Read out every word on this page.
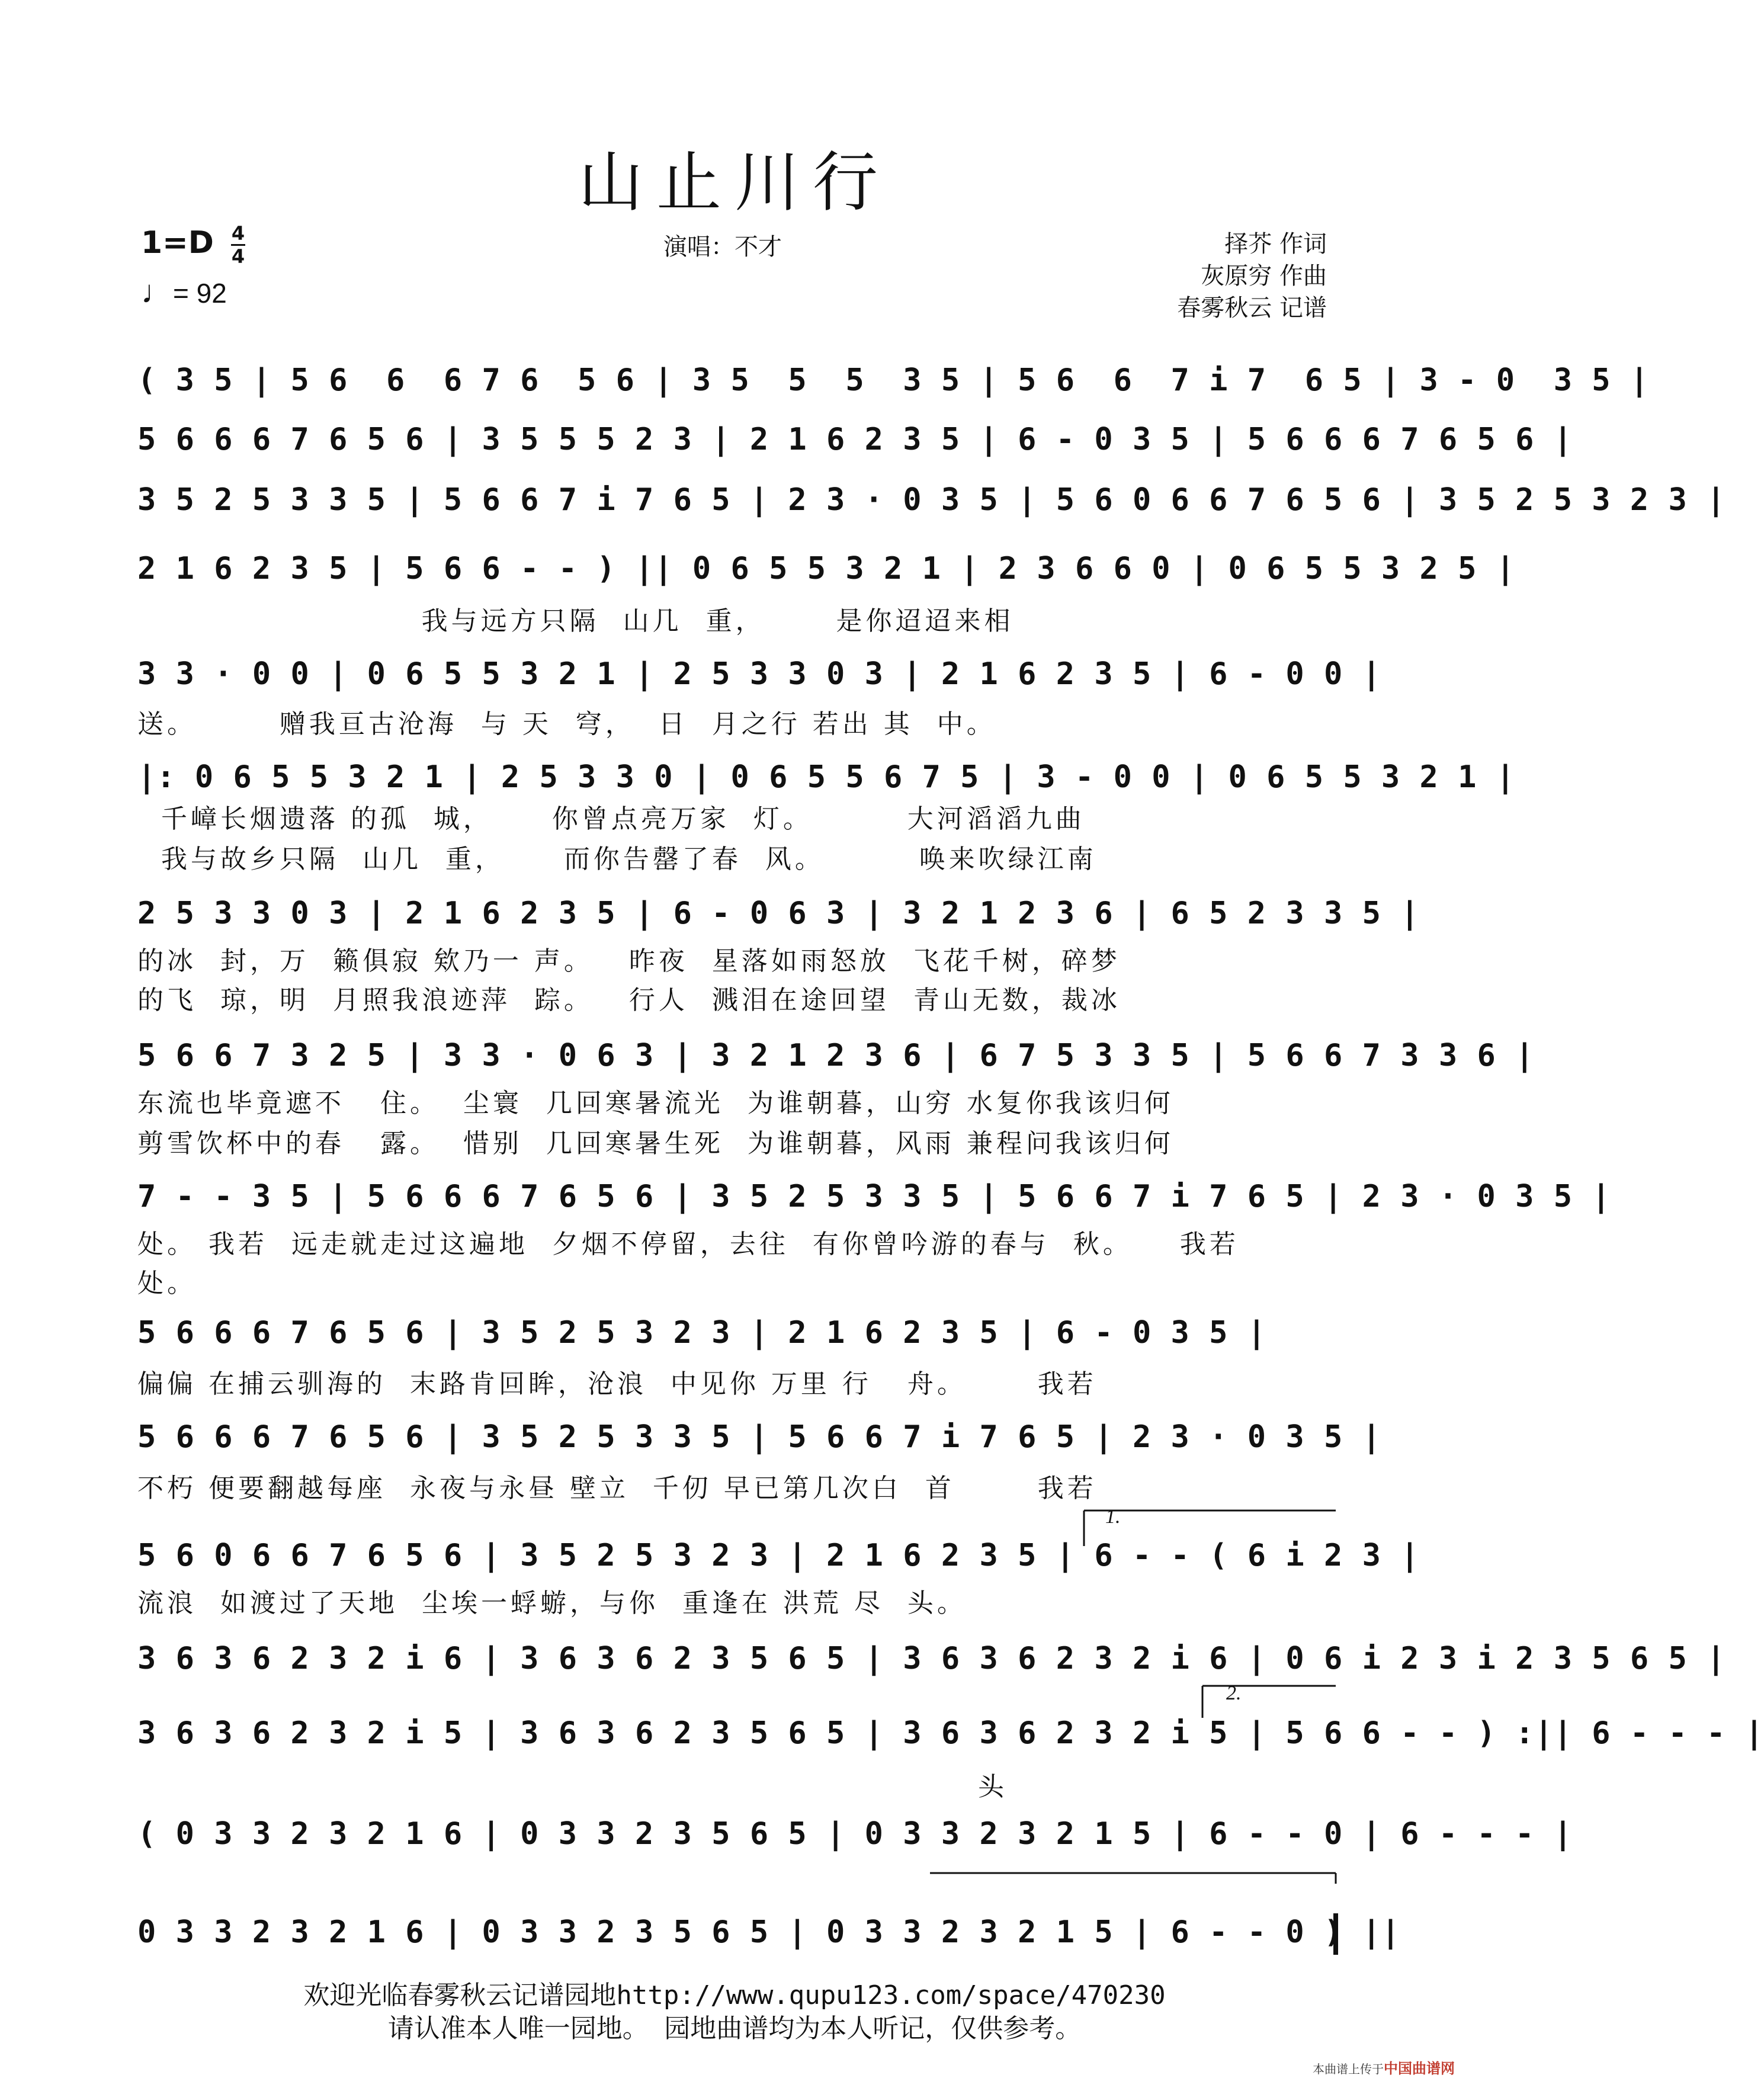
山止川行
1=D 4
4
♩= 92
演唱：不才	择芥 作词
灰原穷 作曲
春雾秋云 记谱
( 3 5 | 5 6  6  6 7 6  5 6 | 3 5  5  5  3 5 | 5 6  6  7 i 7  6 5 | 3 - 0  3 5 |
5 6 6 6 7 6 5 6 | 3 5 5 5 2 3 | 2 1 6 2 3 5 | 6 - 0 3 5 | 5 6 6 6 7 6 5 6 |
3 5 2 5 3 3 5 | 5 6 6 7 i 7 6 5 | 2 3 · 0 3 5 | 5 6 0 6 6 7 6 5 6 | 3 5 2 5 3 2 3 |
2 1 6 2 3 5 | 5 6 6 - - ) || 0 6 5 5 3 2 1 | 2 3 6 6 0 | 0 6 5 5 3 2 5 |
我与远方只隔  山几  重，      是你迢迢来相
3 3 · 0 0 | 0 6 5 5 3 2 1 | 2 5 3 3 0 3 | 2 1 6 2 3 5 | 6 - 0 0 |
送。       赠我亘古沧海  与 天  穹，  日  月之行 若出 其  中。
|: 0 6 5 5 3 2 1 | 2 5 3 3 0 | 0 6 5 5 6 7 5 | 3 - 0 0 | 0 6 5 5 3 2 1 |
千嶂长烟遗落 的孤  城，     你曾点亮万家  灯。        大河滔滔九曲
我与故乡只隔  山几  重，     而你告罄了春  风。        唤来吹绿江南
2 5 3 3 0 3 | 2 1 6 2 3 5 | 6 - 0 6 3 | 3 2 1 2 3 6 | 6 5 2 3 3 5 |
的冰  封，万  籁俱寂 欸乃一 声。   昨夜  星落如雨怒放  飞花千树，碎梦
的飞  琼，明  月照我浪迹萍  踪。   行人  溅泪在途回望  青山无数，裁冰
5 6 6 7 3 2 5 | 3 3 · 0 6 3 | 3 2 1 2 3 6 | 6 7 5 3 3 5 | 5 6 6 7 3 3 6 |
东流也毕竟遮不   住。  尘寰  几回寒暑流光  为谁朝暮，山穷 水复你我该归何
剪雪饮杯中的春   露。  惜别  几回寒暑生死  为谁朝暮，风雨 兼程问我该归何
7 - - 3 5 | 5 6 6 6 7 6 5 6 | 3 5 2 5 3 3 5 | 5 6 6 7 i 7 6 5 | 2 3 · 0 3 5 |
处。 我若  远走就走过这遍地  夕烟不停留，去往  有你曾吟游的春与  秋。    我若
处。
5 6 6 6 7 6 5 6 | 3 5 2 5 3 2 3 | 2 1 6 2 3 5 | 6 - 0 3 5 |
偏偏 在捕云驯海的  末路肯回眸，沧浪  中见你 万里 行   舟。      我若
5 6 6 6 7 6 5 6 | 3 5 2 5 3 3 5 | 5 6 6 7 i 7 6 5 | 2 3 · 0 3 5 |
不朽 便要翻越每座  永夜与永昼 壁立  千仞 早已第几次白  首       我若
1.
5 6 0 6 6 7 6 5 6 | 3 5 2 5 3 2 3 | 2 1 6 2 3 5 | 6 - - ( 6 i 2 3 |
流浪  如渡过了天地  尘埃一蜉蝣，与你  重逢在 洪荒 尽  头。
3 6 3 6 2 3 2 i 6 | 3 6 3 6 2 3 5 6 5 | 3 6 3 6 2 3 2 i 6 | 0 6 i 2 3 i 2 3 5 6 5 |
2.
3 6 3 6 2 3 2 i 5 | 3 6 3 6 2 3 5 6 5 | 3 6 3 6 2 3 2 i 5 | 5 6 6 - - ) :|| 6 - - - |
头
( 0 3 3 2 3 2 1 6 | 0 3 3 2 3 5 6 5 | 0 3 3 2 3 2 1 5 | 6 - - 0 | 6 - - - |
0 3 3 2 3 2 1 6 | 0 3 3 2 3 5 6 5 | 0 3 3 2 3 2 1 5 | 6 - - 0 ) ||
欢迎光临春雾秋云记谱园地http://www.qupu123.com/space/470230
请认准本人唯一园地。 园地曲谱均为本人听记，仅供参考。
本曲谱上传于中国曲谱网
